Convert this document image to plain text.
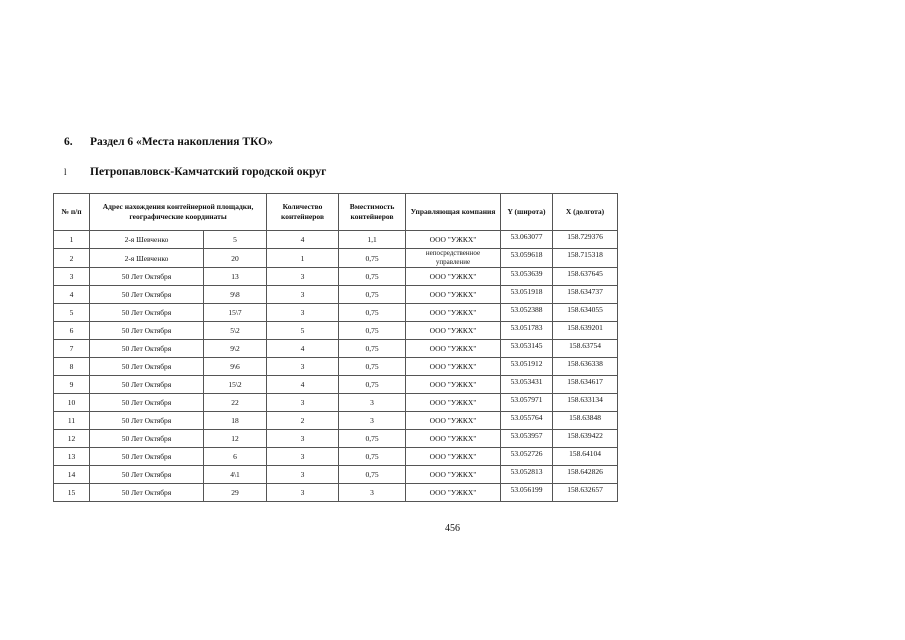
6. Раздел 6 «Места накопления ТКО»
l Петропавловск-Камчатский городской округ
№ п/п	Адрес нахождения контейнерной площадки, географические координаты		Количество контейнеров	Вместимость контейнеров	Управляющая компания	Y (широта)	X (долгота)
1	2-я Шевченко	5	4	1,1	ООО "УЖКХ"	53.063077	158.729376
2	2-я Шевченко	20	1	0,75	непосредственное управление	53.059618	158.715318
3	50 Лет Октября	13	3	0,75	ООО "УЖКХ"	53.053639	158.637645
4	50 Лет Октября	9\8	3	0,75	ООО "УЖКХ"	53.051918	158.634737
5	50 Лет Октября	15\7	3	0,75	ООО "УЖКХ"	53.052388	158.634055
6	50 Лет Октября	5\2	5	0,75	ООО "УЖКХ"	53.051783	158.639201
7	50 Лет Октября	9\2	4	0,75	ООО "УЖКХ"	53.053145	158.63754
8	50 Лет Октября	9\6	3	0,75	ООО "УЖКХ"	53.051912	158.636338
9	50 Лет Октября	15\2	4	0,75	ООО "УЖКХ"	53.053431	158.634617
10	50 Лет Октября	22	3	3	ООО "УЖКХ"	53.057971	158.633134
11	50 Лет Октября	18	2	3	ООО "УЖКХ"	53.055764	158.63848
12	50 Лет Октября	12	3	0,75	ООО "УЖКХ"	53.053957	158.639422
13	50 Лет Октября	6	3	0,75	ООО "УЖКХ"	53.052726	158.64104
14	50 Лет Октября	4\1	3	0,75	ООО "УЖКХ"	53.052813	158.642826
15	50 Лет Октября	29	3	3	ООО "УЖКХ"	53.056199	158.632657
456
